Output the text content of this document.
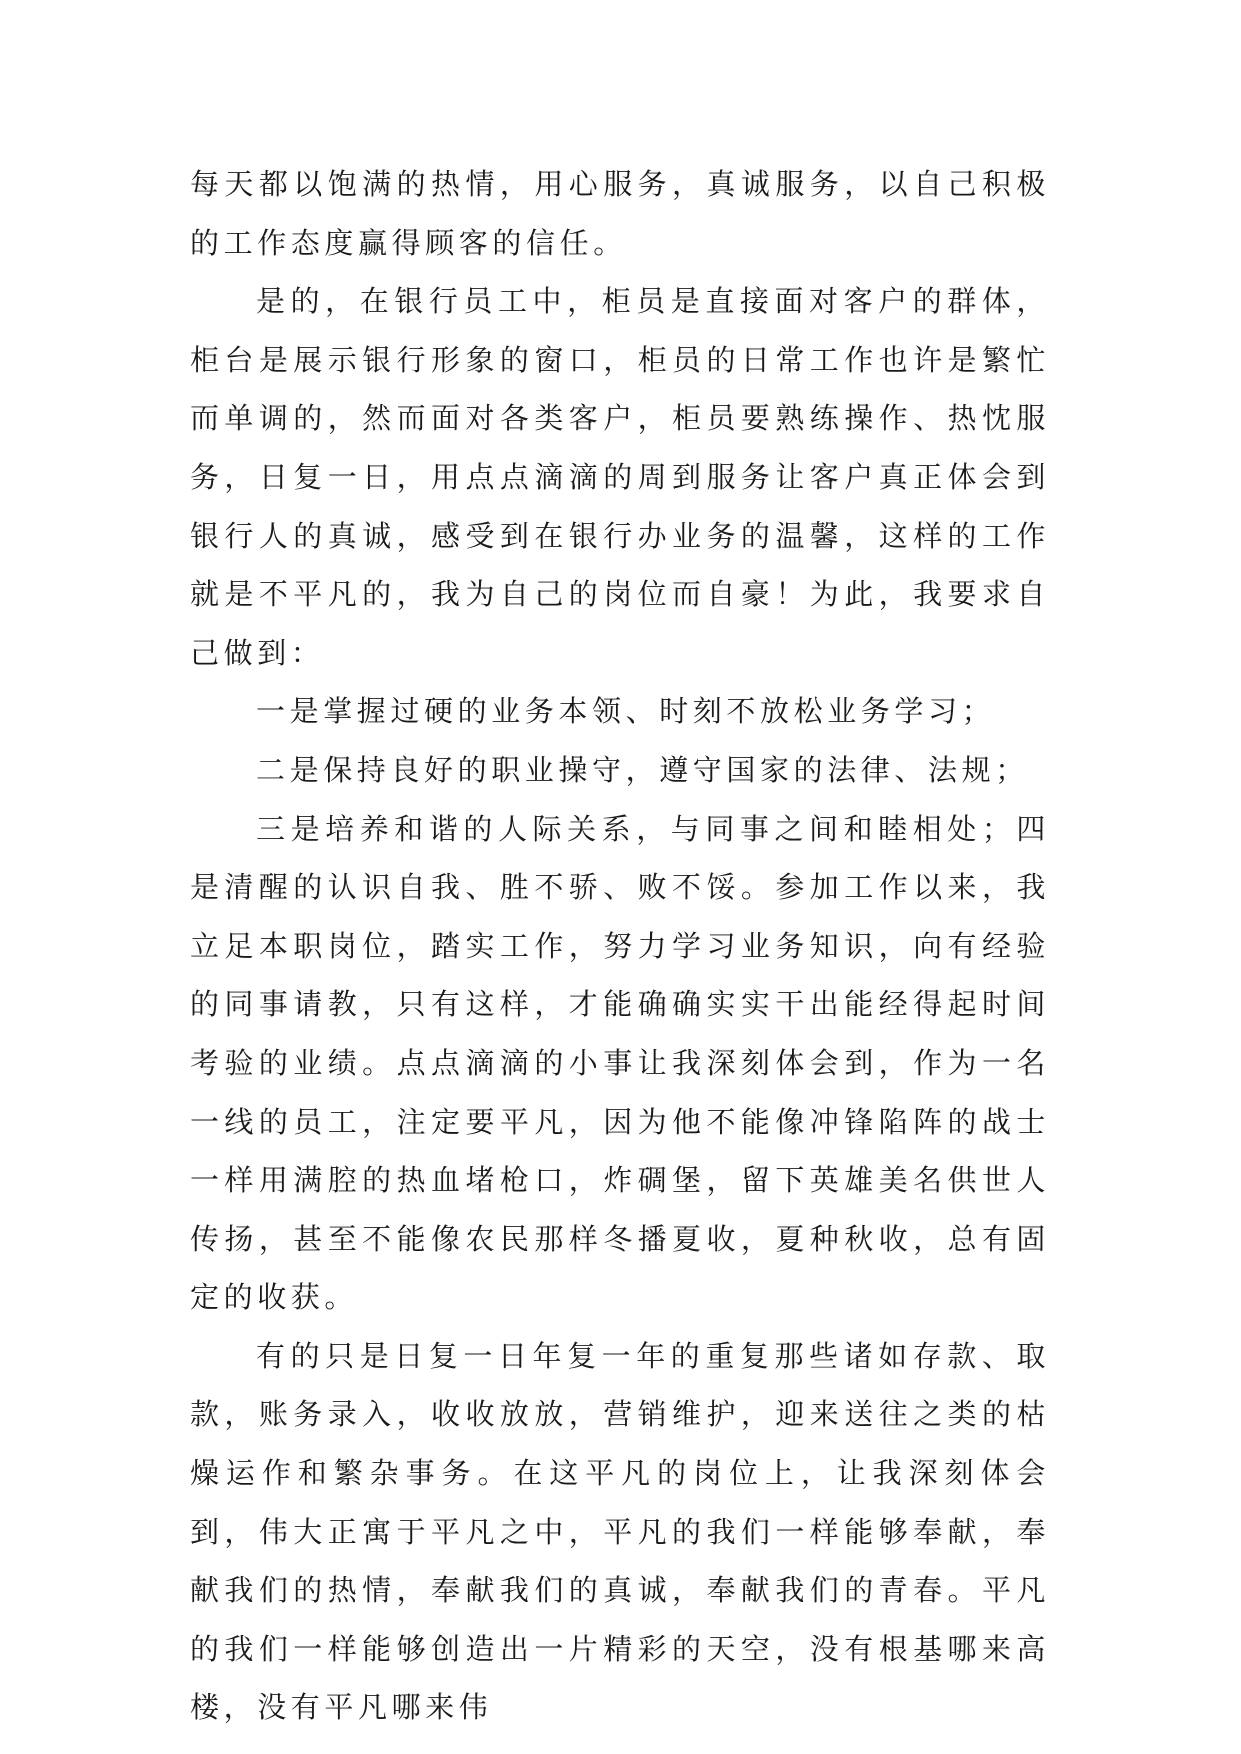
每天都以饱满的热情，用心服务，真诚服务，以自己积极的工作态度赢得顾客的信任。

是的，在银行员工中，柜员是直接面对客户的群体，柜台是展示银行形象的窗口，柜员的日常工作也许是繁忙而单调的，然而面对各类客户，柜员要熟练操作、热忱服务，日复一日，用点点滴滴的周到服务让客户真正体会到银行人的真诚，感受到在银行办业务的温馨，这样的工作就是不平凡的，我为自己的岗位而自豪！为此，我要求自己做到：

一是掌握过硬的业务本领、时刻不放松业务学习；

二是保持良好的职业操守，遵守国家的法律、法规；

三是培养和谐的人际关系，与同事之间和睦相处；四是清醒的认识自我、胜不骄、败不馁。参加工作以来，我立足本职岗位，踏实工作，努力学习业务知识，向有经验的同事请教，只有这样，才能确确实实干出能经得起时间考验的业绩。点点滴滴的小事让我深刻体会到，作为一名一线的员工，注定要平凡，因为他不能像冲锋陷阵的战士一样用满腔的热血堵枪口，炸碉堡，留下英雄美名供世人传扬，甚至不能像农民那样冬播夏收，夏种秋收，总有固定的收获。

有的只是日复一日年复一年的重复那些诸如存款、取款，账务录入，收收放放，营销维护，迎来送往之类的枯燥运作和繁杂事务。在这平凡的岗位上，让我深刻体会到，伟大正寓于平凡之中，平凡的我们一样能够奉献，奉献我们的热情，奉献我们的真诚，奉献我们的青春。平凡的我们一样能够创造出一片精彩的天空，没有根基哪来高楼，没有平凡哪来伟
